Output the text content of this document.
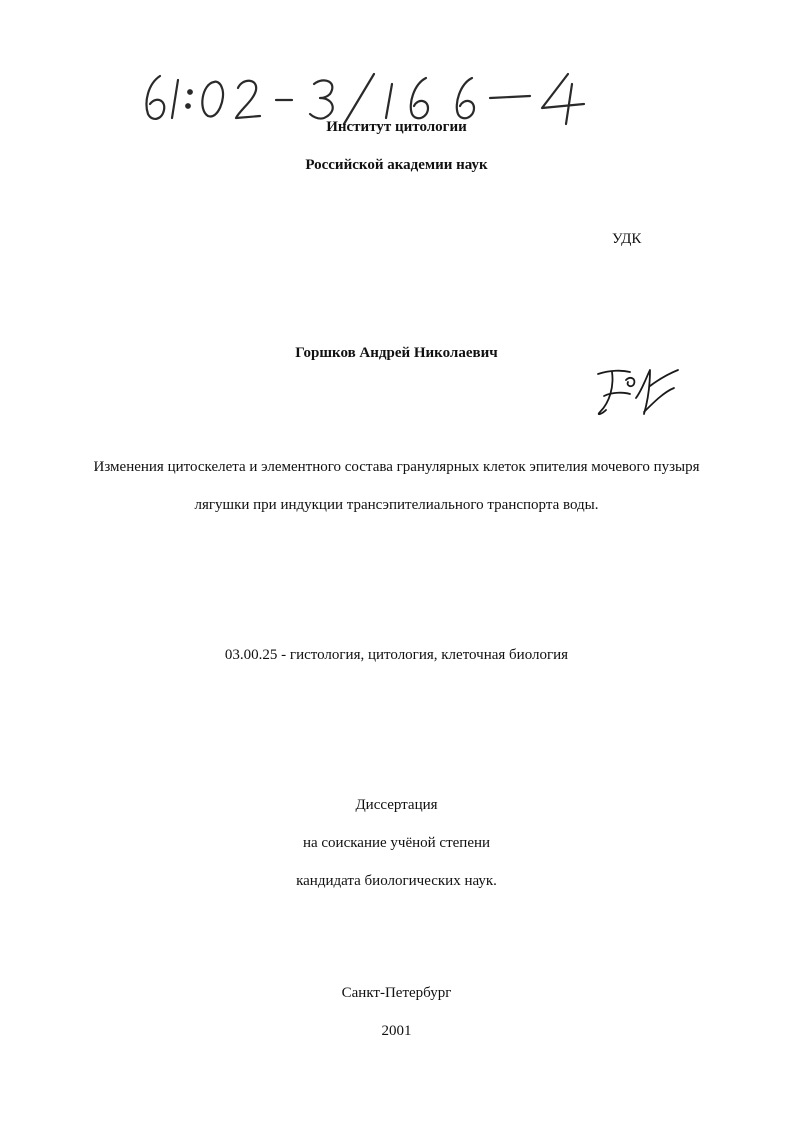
Институт цитологии
Российской академии наук
УДК
Горшков Андрей Николаевич
Изменения цитоскелета и элементного состава гранулярных клеток эпителия мочевого пузыря
лягушки при индукции трансэпителиального транспорта воды.
03.00.25 - гистология, цитология, клеточная биология
Диссертация
на соискание учёной степени
кандидата биологических наук.
Санкт-Петербург
2001
